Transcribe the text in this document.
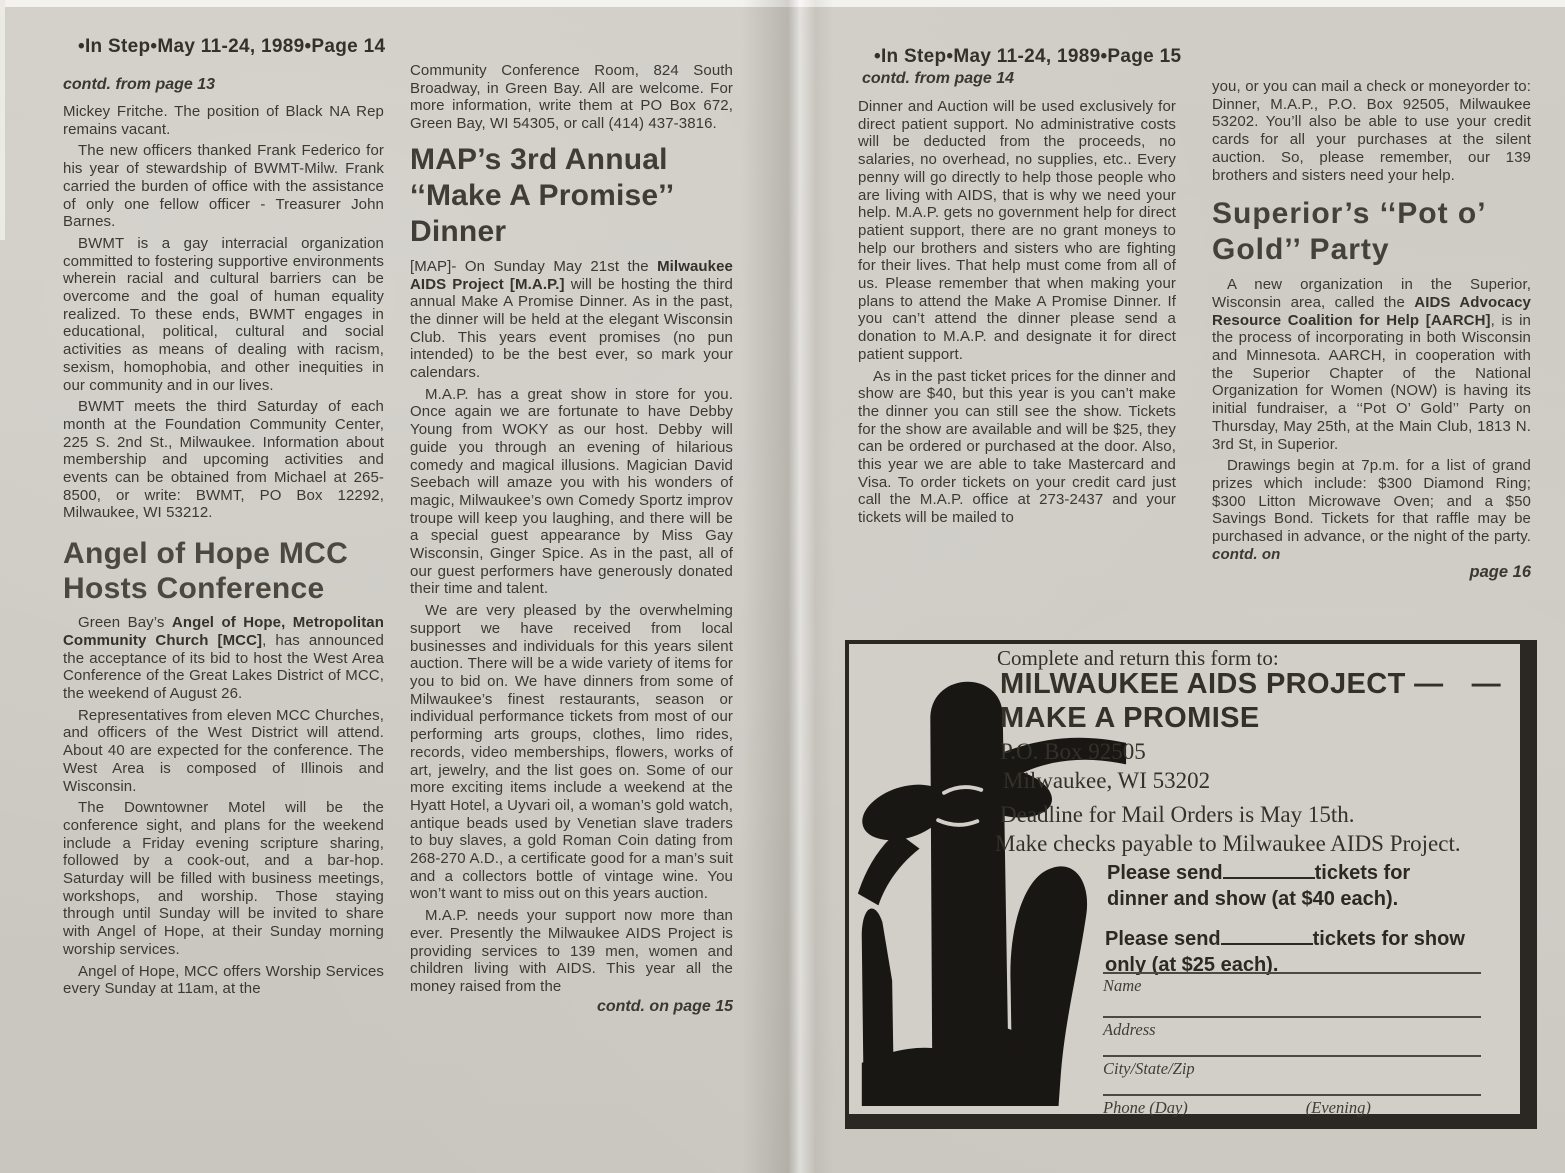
•In Step•May 11-24, 1989•Page 14
contd. from page 13

Mickey Fritche. The position of Black NA Rep remains vacant.

The new officers thanked Frank Federico for his year of stewardship of BWMT-Milw. Frank carried the burden of office with the assistance of only one fellow officer - Treasurer John Barnes.

BWMT is a gay interracial organization committed to fostering supportive environments wherein racial and cultural barriers can be overcome and the goal of human equality realized. To these ends, BWMT engages in educational, political, cultural and social activities as means of dealing with racism, sexism, homophobia, and other inequities in our community and in our lives.

BWMT meets the third Saturday of each month at the Foundation Community Center, 225 S. 2nd St., Milwaukee. Information about membership and upcoming activities and events can be obtained from Michael at 265-8500, or write: BWMT, PO Box 12292, Milwaukee, WI 53212.

Angel of Hope MCC Hosts Conference

Green Bay’s Angel of Hope, Metropolitan Community Church [MCC], has announced the acceptance of its bid to host the West Area Conference of the Great Lakes District of MCC, the weekend of August 26.

Representatives from eleven MCC Churches, and officers of the West District will attend. About 40 are expected for the conference. The West Area is composed of Illinois and Wisconsin.

The Downtowner Motel will be the conference sight, and plans for the weekend include a Friday evening scripture sharing, followed by a cook-out, and a bar-hop. Saturday will be filled with business meetings, workshops, and worship. Those staying through until Sunday will be invited to share with Angel of Hope, at their Sunday morning worship services.

Angel of Hope, MCC offers Worship Services every Sunday at 11am, at the

Community Conference Room, 824 South Broadway, in Green Bay. All are welcome. For more information, write them at PO Box 672, Green Bay, WI 54305, or call (414) 437-3816.

MAP’s 3rd Annual ‘‘Make A Promise’’ Dinner

[MAP]- On Sunday May 21st the Milwaukee AIDS Project [M.A.P.] will be hosting the third annual Make A Promise Dinner. As in the past, the dinner will be held at the elegant Wisconsin Club. This years event promises (no pun intended) to be the best ever, so mark your calendars.

M.A.P. has a great show in store for you. Once again we are fortunate to have Debby Young from WOKY as our host. Debby will guide you through an evening of hilarious comedy and magical illusions. Magician David Seebach will amaze you with his wonders of magic, Milwaukee’s own Comedy Sportz improv troupe will keep you laughing, and there will be a special guest appearance by Miss Gay Wisconsin, Ginger Spice. As in the past, all of our guest performers have generously donated their time and talent.

We are very pleased by the overwhelming support we have received from local businesses and individuals for this years silent auction. There will be a wide variety of items for you to bid on. We have dinners from some of Milwaukee’s finest restaurants, season or individual performance tickets from most of our performing arts groups, clothes, limo rides, records, video memberships, flowers, works of art, jewelry, and the list goes on. Some of our more exciting items include a weekend at the Hyatt Hotel, a Uyvari oil, a woman’s gold watch, antique beads used by Venetian slave traders to buy slaves, a gold Roman Coin dating from 268-270 A.D., a certificate good for a man’s suit and a collectors bottle of vintage wine. You won’t want to miss out on this years auction.

M.A.P. needs your support now more than ever. Presently the Milwaukee AIDS Project is providing services to 139 men, women and children living with AIDS. This year all the money raised from the

contd. on page 15
•In Step•May 11-24, 1989•Page 15
contd. from page 14

Dinner and Auction will be used exclusively for direct patient support. No administrative costs will be deducted from the proceeds, no salaries, no overhead, no supplies, etc.. Every penny will go directly to help those people who are living with AIDS, that is why we need your help. M.A.P. gets no government help for direct patient support, there are no grant moneys to help our brothers and sisters who are fighting for their lives. That help must come from all of us. Please remember that when making your plans to attend the Make A Promise Dinner. If you can’t attend the dinner please send a donation to M.A.P. and designate it for direct patient support.

As in the past ticket prices for the dinner and show are $40, but this year is you can’t make the dinner you can still see the show. Tickets for the show are available and will be $25, they can be ordered or purchased at the door. Also, this year we are able to take Mastercard and Visa. To order tickets on your credit card just call the M.A.P. office at 273-2437 and your tickets will be mailed to

you, or you can mail a check or moneyorder to: Dinner, M.A.P., P.O. Box 92505, Milwaukee 53202. You’ll also be able to use your credit cards for all your purchases at the silent auction. So, please remember, our 139 brothers and sisters need your help.

Superior’s ‘‘Pot o’ Gold’’ Party

A new organization in the Superior, Wisconsin area, called the AIDS Advocacy Resource Coalition for Help [AARCH], is in the process of incorporating in both Wisconsin and Minnesota. AARCH, in cooperation with the Superior Chapter of the National Organization for Women (NOW) is having its initial fundraiser, a ‘‘Pot O’ Gold’’ Party on Thursday, May 25th, at the Main Club, 1813 N. 3rd St, in Superior.

Drawings begin at 7p.m. for a list of grand prizes which include: $300 Diamond Ring; $300 Litton Microwave Oven; and a $50 Savings Bond. Tickets for that raffle may be purchased in advance, or the night of the party. contd. on

page 16
Complete and return this form to:
MILWAUKEE AIDS PROJECT — —
MAKE A PROMISE
P.O. Box 92505
Milwaukee, WI 53202
Deadline for Mail Orders is May 15th.
Make checks payable to Milwaukee AIDS Project.
Please send	tickets for dinner and show (at $40 each).
Please send	tickets for show only (at $25 each).
Name
Address
City/State/Zip
Phone (Day)	(Evening)
